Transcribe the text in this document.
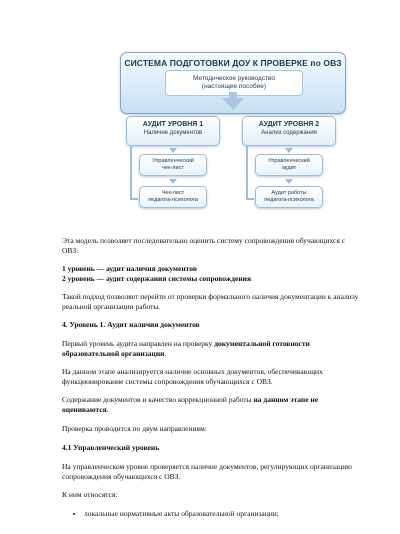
СИСТЕМА ПОДГОТОВКИ ДОУ К ПРОВЕРКЕ по ОВЗ
Методическое руководство
(настоящее пособие)
АУДИТ УРОВНЯ 1
Наличие документов
Управленческий
чек-лист
Чек-лист
педагога-психолога
АУДИТ УРОВНЯ 2
Анализ содержания
Управленческий
аудит
Аудит работы
педагога-психолога

Эта модель позволяет последовательно оценить систему сопровождения обучающихся с ОВЗ:

1 уровень — аудит наличия документов

2 уровень — аудит содержания системы сопровождения

Такой подход позволяет перейти от проверки формального наличия документации к анализу реальной организации работы.

4. Уровень 1. Аудит наличия документов

Первый уровень аудита направлен на проверку документальной готовности образовательной организации.

На данном этапе анализируется наличие основных документов, обеспечивающих функционирование системы сопровождения обучающихся с ОВЗ.

Содержание документов и качество коррекционной работы на данном этапе не оцениваются.

Проверка проводится по двум направлениям:

4.1 Управленческий уровень

На управленческом уровне проверяется наличие документов, регулирующих организацию сопровождения обучающихся с ОВЗ.

К ним относятся:

• локальные нормативные акты образовательной организации;
